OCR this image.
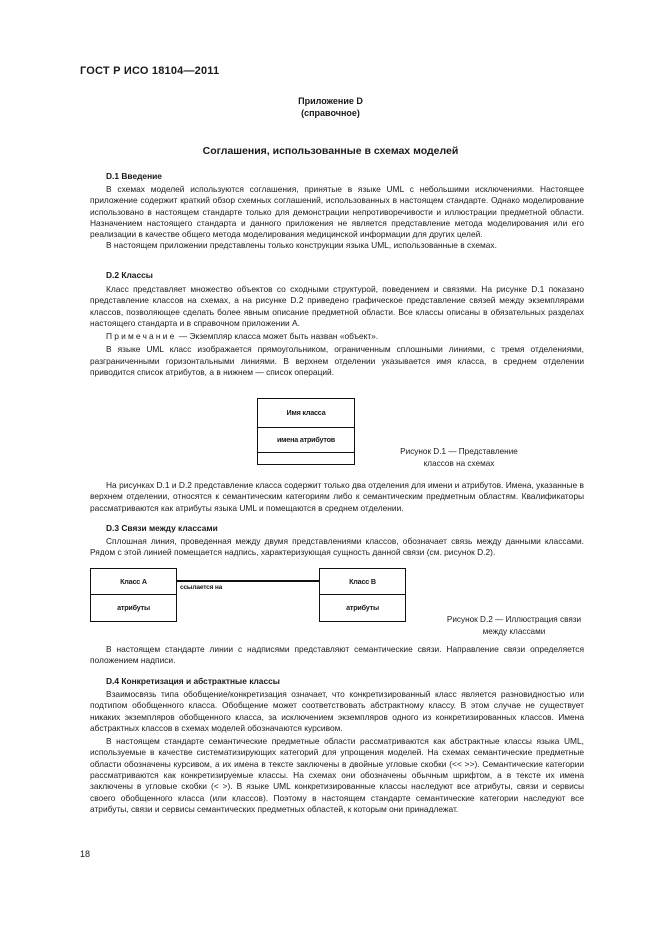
ГОСТ Р ИСО 18104—2011
Приложение D
(справочное)
Соглашения, использованные в схемах моделей
D.1 Введение

В схемах моделей используются соглашения, принятые в языке UML с небольшими исключениями. Настоящее приложение содержит краткий обзор схемных соглашений, использованных в настоящем стандарте. Однако моделирование использовано в настоящем стандарте только для демонстрации непротиворечивости и иллюстрации предметной области. Назначением настоящего стандарта и данного приложения не является представление метода моделирования или его реализации в качестве общего метода моделирования медицинской информации для других целей.

В настоящем приложении представлены только конструкции языка UML, использованные в схемах.

D.2 Классы

Класс представляет множество объектов со сходными структурой, поведением и связями. На рисунке D.1 показано представление классов на схемах, а на рисунке D.2 приведено графическое представление связей между экземплярами классов, позволяющее сделать более явным описание предметной области. Все классы описаны в обязательных разделах настоящего стандарта и в справочном приложении А.

Примечание — Экземпляр класса может быть назван «объект».

В языке UML класс изображается прямоугольником, ограниченным сплошными линиями, с тремя отделениями, разграниченными горизонтальными линиями. В верхнем отделении указывается имя класса, в среднем отделении приводится список атрибутов, а в нижнем — список операций.

Имя класса
имена атрибутов
Рисунок D.1 — Представление
классов на схемах

На рисунках D.1 и D.2 представление класса содержит только два отделения для имени и атрибутов. Имена, указанные в верхнем отделении, относятся к семантическим категориям либо к семантическим предметным областям. Квалификаторы рассматриваются как атрибуты языка UML и помещаются в среднем отделении.

D.3 Связи между классами

Сплошная линия, проведенная между двумя представлениями классов, обозначает связь между данными классами. Рядом с этой линией помещается надпись, характеризующая сущность данной связи (см. рисунок D.2).

Класс А
атрибуты
ссылается на
Класс В
атрибуты
Рисунок D.2 — Иллюстрация связи
между классами

В настоящем стандарте линии с надписями представляют семантические связи. Направление связи определяется положением надписи.

D.4 Конкретизация и абстрактные классы

Взаимосвязь типа обобщение/конкретизация означает, что конкретизированный класс является разновидностью или подтипом обобщенного класса. Обобщение может соответствовать абстрактному классу. В этом случае не существует никаких экземпляров обобщенного класса, за исключением экземпляров одного из конкретизированных классов. Имена абстрактных классов в схемах моделей обозначаются курсивом.

В настоящем стандарте семантические предметные области рассматриваются как абстрактные классы языка UML, используемые в качестве систематизирующих категорий для упрощения моделей. На схемах семантические предметные области обозначены курсивом, а их имена в тексте заключены в двойные угловые скобки (<< >>). Семантические категории рассматриваются как конкретизируемые классы. На схемах они обозначены обычным шрифтом, а в тексте их имена заключены в угловые скобки (< >). В языке UML конкретизированные классы наследуют все атрибуты, связи и сервисы своего обобщенного класса (или классов). Поэтому в настоящем стандарте семантические категории наследуют все атрибуты, связи и сервисы семантических предметных областей, к которым они принадлежат.

18
